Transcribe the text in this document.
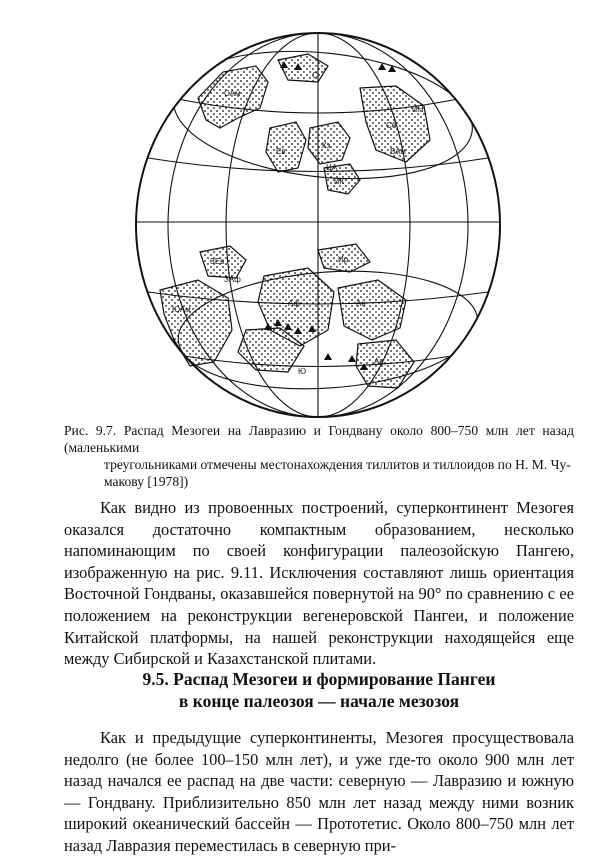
С
САм
Сб
ИН
ВАм
Ев
Кз
ЦА
ИК
ЗЕв
ЗАф
Ир
ЮАм
Аф	Ан
Ав
Ю
Рис. 9.7. Распад Мезогеи на Лавразию и Гондвану около 800–750 млн лет назад (маленькими
треугольниками отмечены местонахождения тиллитов и тиллоидов по Н. М. Чу-
макову [1978])

Как видно из провоенных построений, суперконтинент Мезогея оказался достаточно компактным образованием, несколько напоминающим по своей конфигурации палеозойскую Пангею, изображенную на рис. 9.11. Исключения составляют лишь ориентация Восточной Гондваны, оказавшейся повернутой на 90° по сравнению с ее положением на реконструкции вегенеровской Пангеи, и положение Китайской платформы, на нашей реконструкции находящейся еще между Сибирской и Казахстанской плитами.

9.5. Распад Мезогеи и формирование Пангеи
в конце палеозоя — начале мезозоя

Как и предыдущие суперконтиненты, Мезогея просуществовала недолго (не более 100–150 млн лет), и уже где-то около 900 млн лет назад начался ее распад на две части: северную — Лавразию и южную — Гондвану. Приблизительно 850 млн лет назад между ними возник широкий океанический бассейн — Прототетис. Около 800–750 млн лет назад Лавразия переместилась в северную при-
